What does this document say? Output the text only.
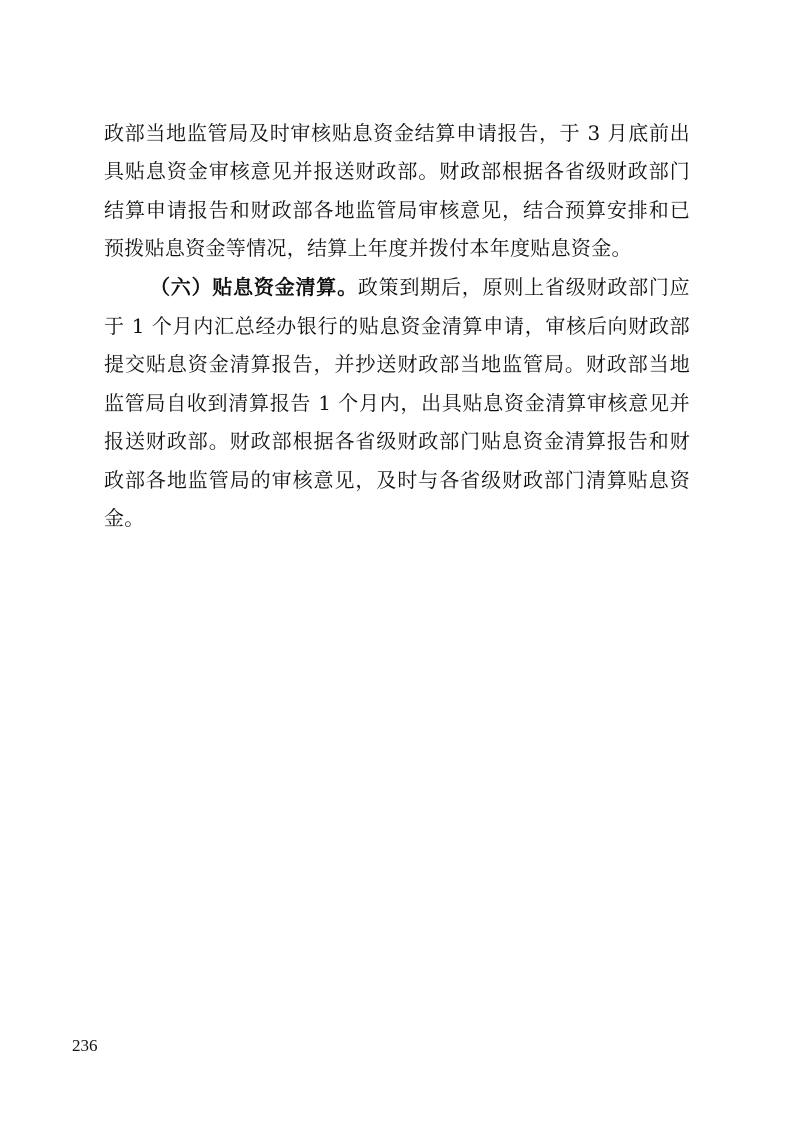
政部当地监管局及时审核贴息资金结算申请报告，于 3 月底前出
具贴息资金审核意见并报送财政部。财政部根据各省级财政部门
结算申请报告和财政部各地监管局审核意见，结合预算安排和已
预拨贴息资金等情况，结算上年度并拨付本年度贴息资金。
（六）贴息资金清算。政策到期后，原则上省级财政部门应
于 1 个月内汇总经办银行的贴息资金清算申请，审核后向财政部
提交贴息资金清算报告，并抄送财政部当地监管局。财政部当地
监管局自收到清算报告 1 个月内，出具贴息资金清算审核意见并
报送财政部。财政部根据各省级财政部门贴息资金清算报告和财
政部各地监管局的审核意见，及时与各省级财政部门清算贴息资
金。
236
